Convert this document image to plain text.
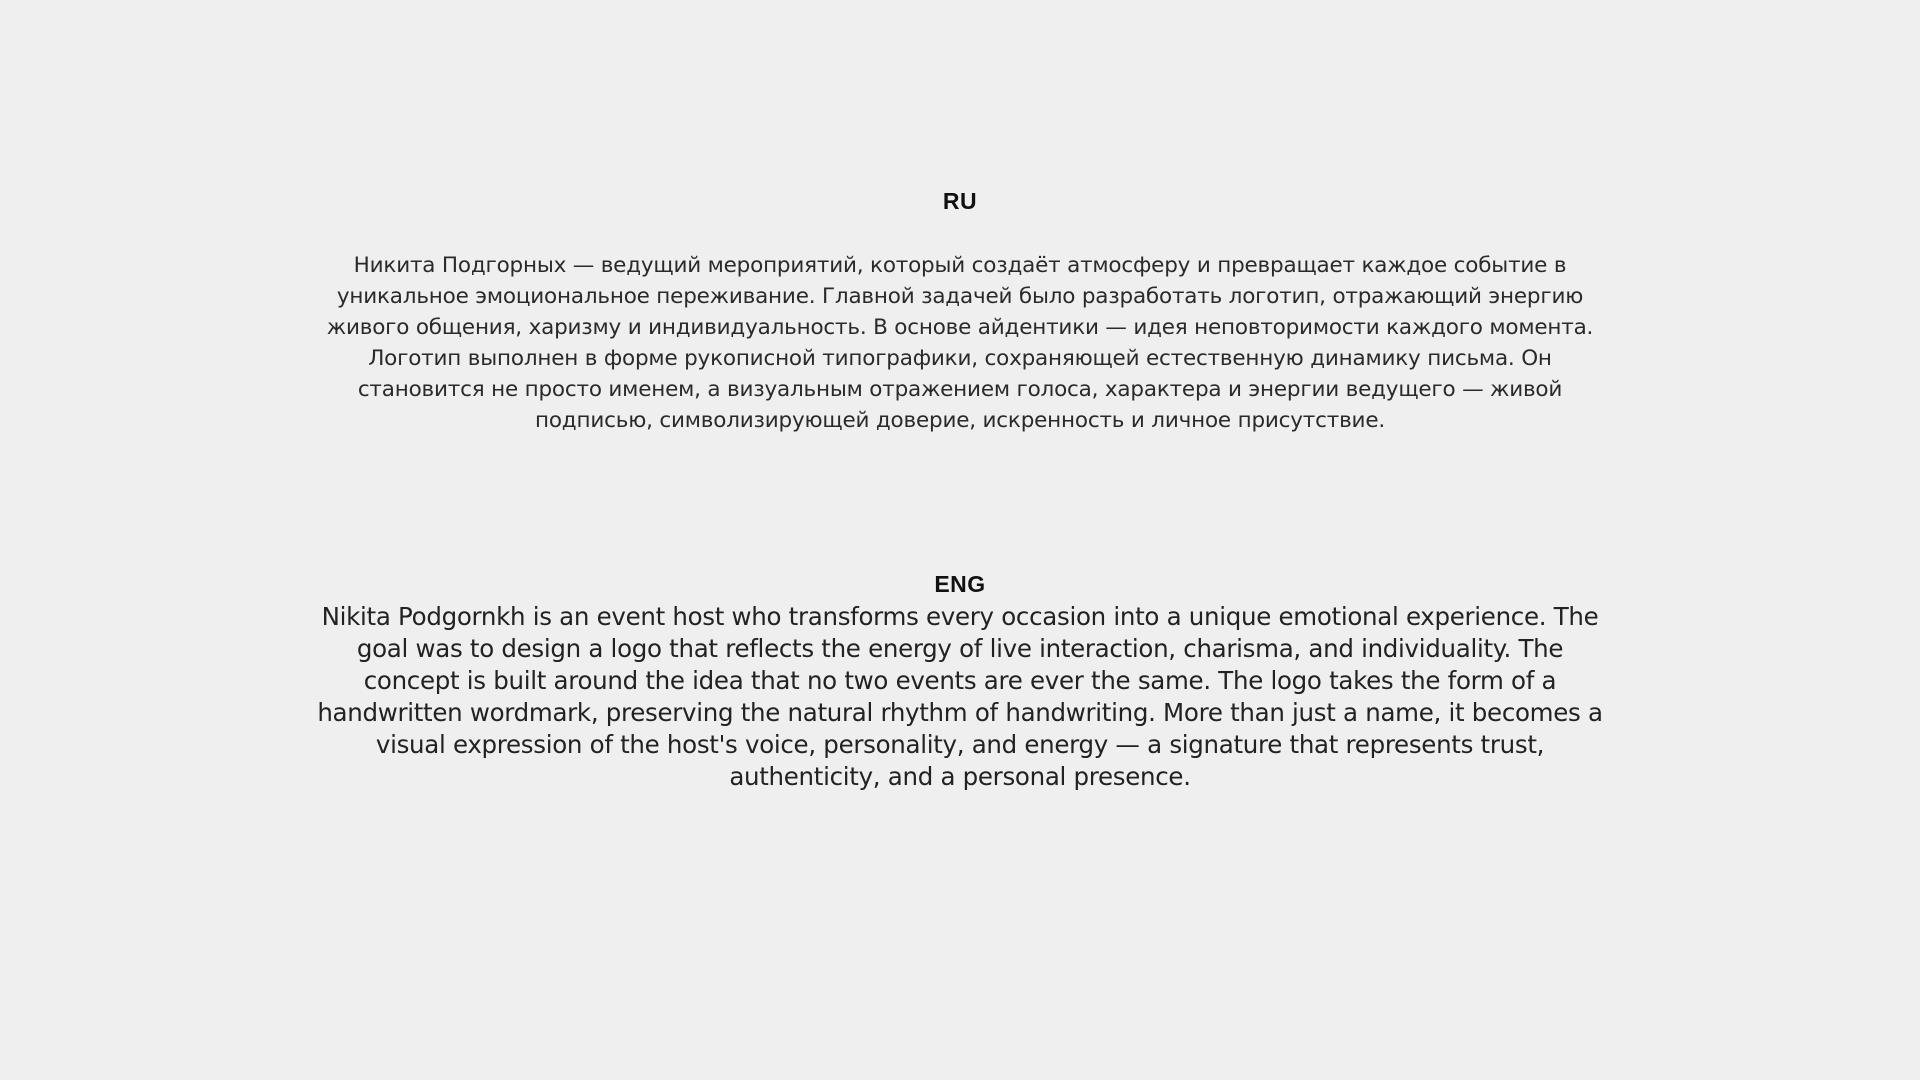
RU
Никита Подгорных — ведущий мероприятий, который создаёт атмосферу и превращает каждое событие в уникальное эмоциональное переживание. Главной задачей было разработать логотип, отражающий энергию живого общения, харизму и индивидуальность. В основе айдентики — идея неповторимости каждого момента. Логотип выполнен в форме рукописной типографики, сохраняющей естественную динамику письма. Он становится не просто именем, а визуальным отражением голоса, характера и энергии ведущего — живой подписью, символизирующей доверие, искренность и личное присутствие.
ENG
Nikita Podgornkh is an event host who transforms every occasion into a unique emotional experience. The goal was to design a logo that reflects the energy of live interaction, charisma, and individuality. The concept is built around the idea that no two events are ever the same. The logo takes the form of a handwritten wordmark, preserving the natural rhythm of handwriting. More than just a name, it becomes a visual expression of the host's voice, personality, and energy — a signature that represents trust, authenticity, and a personal presence.
